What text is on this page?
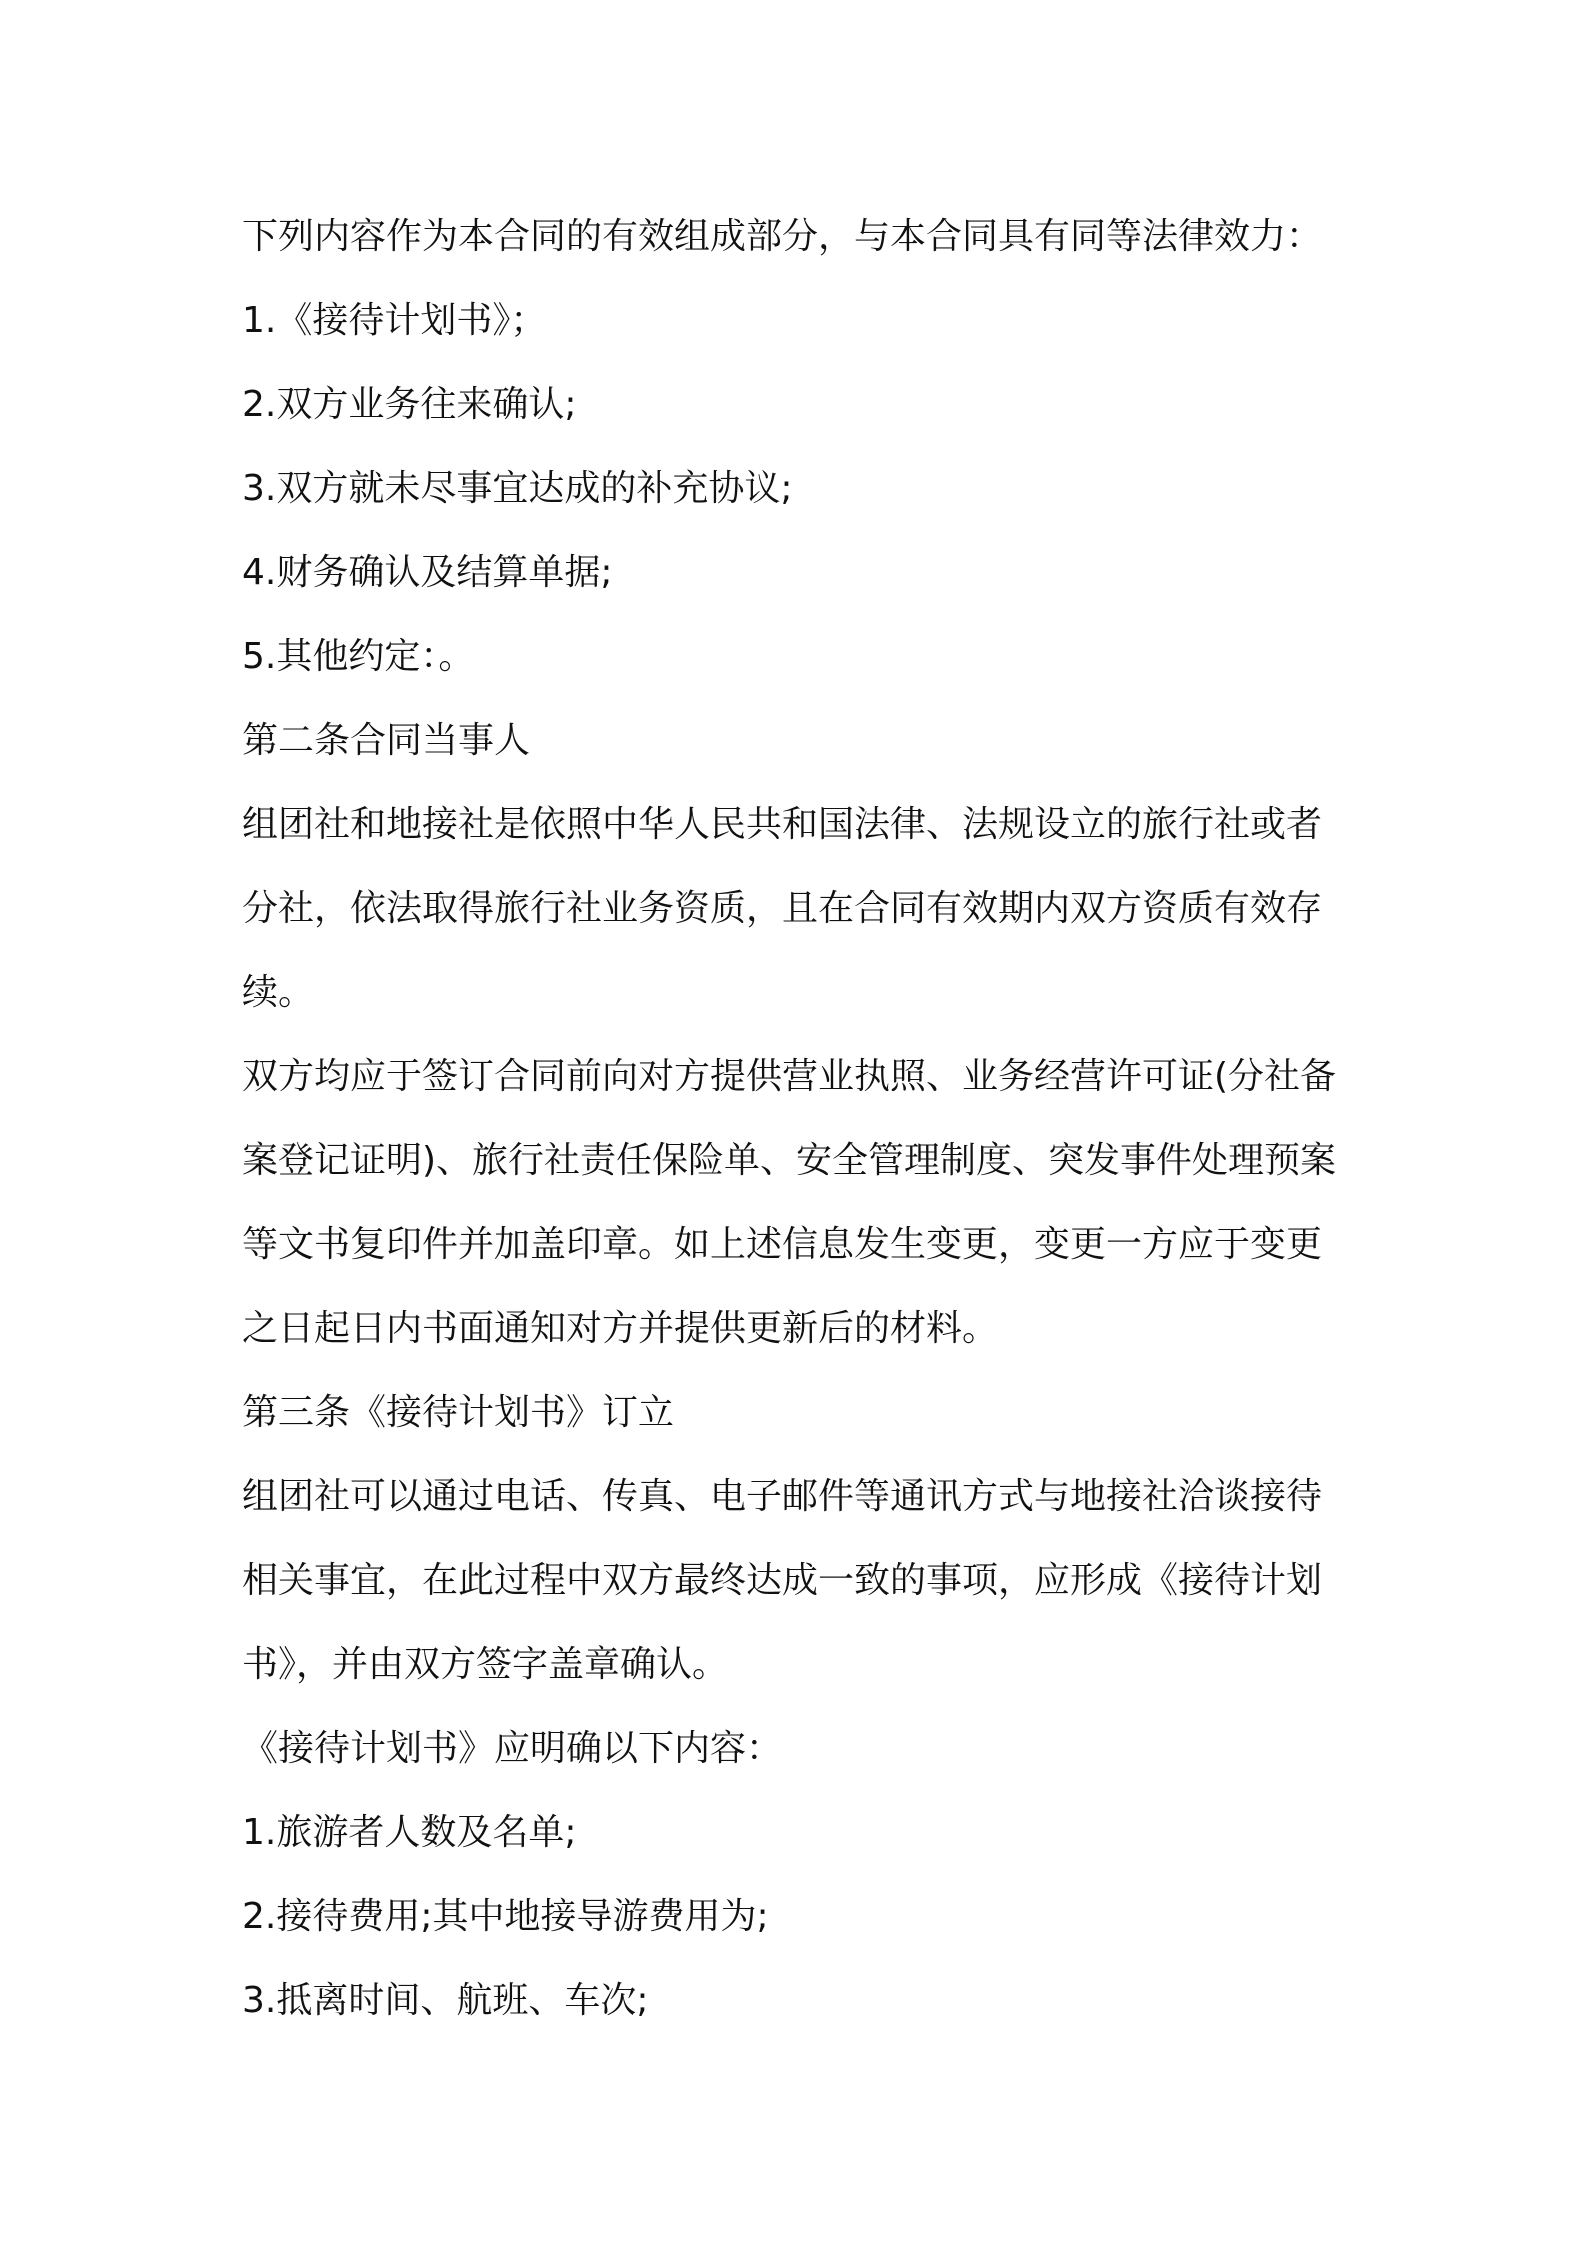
下列内容作为本合同的有效组成部分，与本合同具有同等法律效力：

1.《接待计划书》；

2.双方业务往来确认;

3.双方就未尽事宜达成的补充协议;

4.财务确认及结算单据;

5.其他约定：。

第二条合同当事人

组团社和地接社是依照中华人民共和国法律、法规设立的旅行社或者分社，依法取得旅行社业务资质，且在合同有效期内双方资质有效存续。

双方均应于签订合同前向对方提供营业执照、业务经营许可证(分社备案登记证明)、旅行社责任保险单、安全管理制度、突发事件处理预案等文书复印件并加盖印章。如上述信息发生变更，变更一方应于变更之日起日内书面通知对方并提供更新后的材料。

第三条《接待计划书》订立

组团社可以通过电话、传真、电子邮件等通讯方式与地接社洽谈接待相关事宜，在此过程中双方最终达成一致的事项，应形成《接待计划书》，并由双方签字盖章确认。

《接待计划书》应明确以下内容：

1.旅游者人数及名单;

2.接待费用;其中地接导游费用为;

3.抵离时间、航班、车次;
